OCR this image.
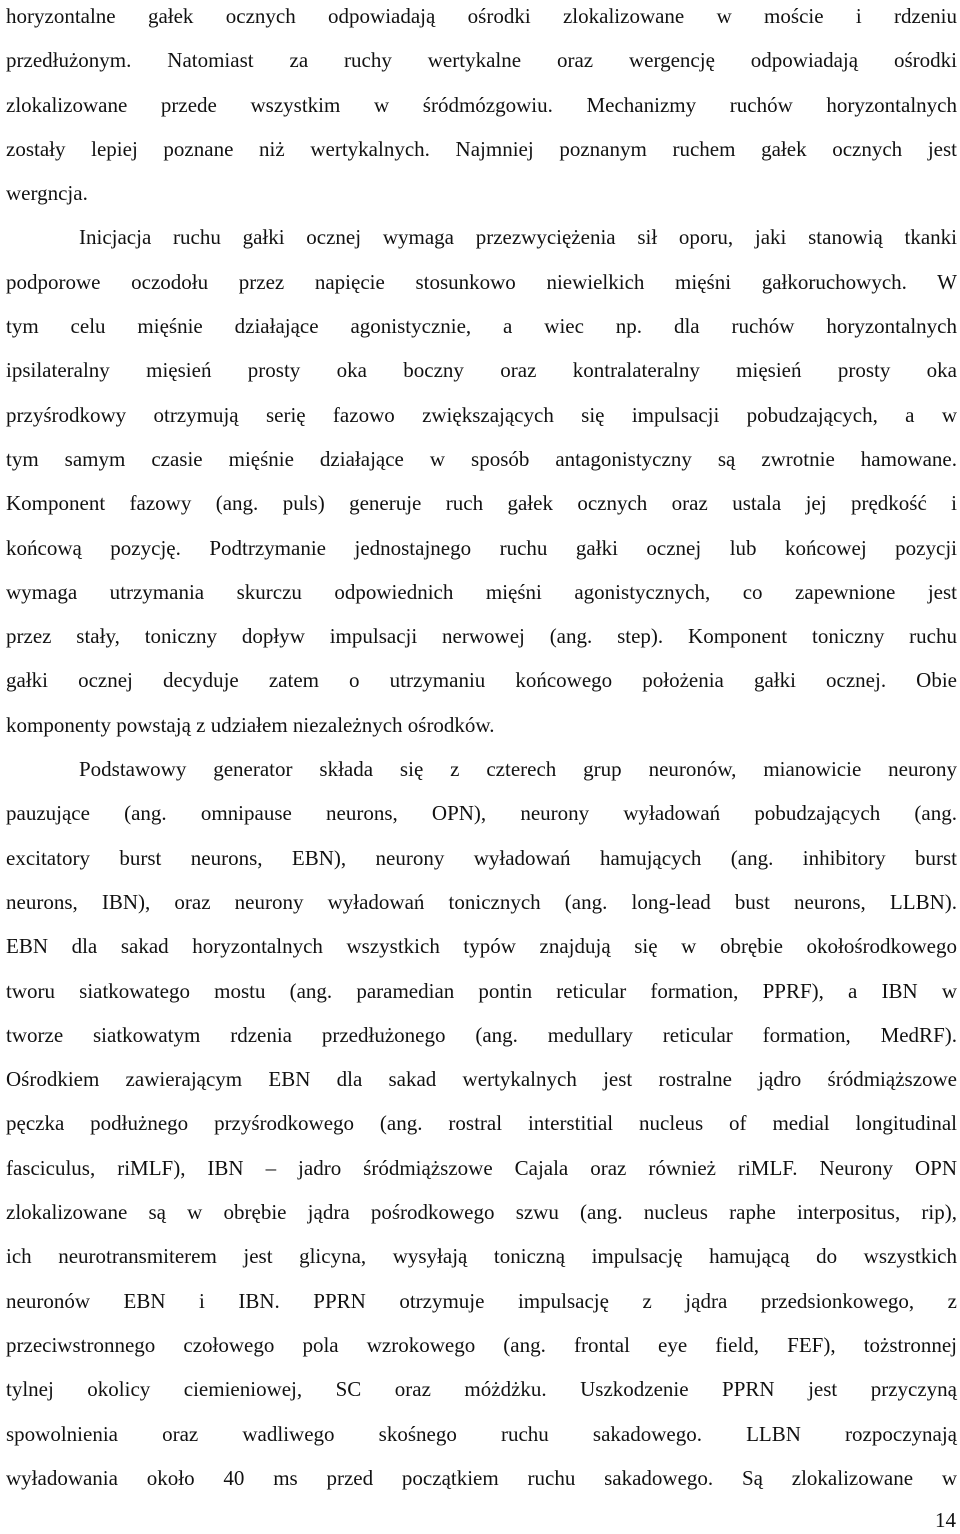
horyzontalne gałek ocznych odpowiadają ośrodki zlokalizowane w moście i rdzeniu
przedłużonym. Natomiast za ruchy wertykalne oraz wergencję odpowiadają ośrodki
zlokalizowane przede wszystkim w śródmózgowiu. Mechanizmy ruchów horyzontalnych
zostały lepiej poznane niż wertykalnych. Najmniej poznanym ruchem gałek ocznych jest
wergncja.

Inicjacja ruchu gałki ocznej wymaga przezwyciężenia sił oporu, jaki stanowią tkanki
podporowe oczodołu przez napięcie stosunkowo niewielkich mięśni gałkoruchowych. W
tym celu mięśnie działające agonistycznie, a wiec np. dla ruchów horyzontalnych
ipsilateralny mięsień prosty oka boczny oraz kontralateralny mięsień prosty oka
przyśrodkowy otrzymują serię fazowo zwiększających się impulsacji pobudzających, a w
tym samym czasie mięśnie działające w sposób antagonistyczny są zwrotnie hamowane.
Komponent fazowy (ang. puls) generuje ruch gałek ocznych oraz ustala jej prędkość i
końcową pozycję. Podtrzymanie jednostajnego ruchu gałki ocznej lub końcowej pozycji
wymaga utrzymania skurczu odpowiednich mięśni agonistycznych, co zapewnione jest
przez stały, toniczny dopływ impulsacji nerwowej (ang. step). Komponent toniczny ruchu
gałki ocznej decyduje zatem o utrzymaniu końcowego położenia gałki ocznej. Obie
komponenty powstają z udziałem niezależnych ośrodków.

Podstawowy generator składa się z czterech grup neuronów, mianowicie neurony
pauzujące (ang. omnipause neurons, OPN), neurony wyładowań pobudzających (ang.
excitatory burst neurons, EBN), neurony wyładowań hamujących (ang. inhibitory burst
neurons, IBN), oraz neurony wyładowań tonicznych (ang. long-lead bust neurons, LLBN).
EBN dla sakad horyzontalnych wszystkich typów znajdują się w obrębie okołośrodkowego
tworu siatkowatego mostu (ang. paramedian pontin reticular formation, PPRF), a IBN w
tworze siatkowatym rdzenia przedłużonego (ang. medullary reticular formation, MedRF).
Ośrodkiem zawierającym EBN dla sakad wertykalnych jest rostralne jądro śródmiąższowe
pęczka podłużnego przyśrodkowego (ang. rostral interstitial nucleus of medial longitudinal
fasciculus, riMLF), IBN – jadro śródmiąższowe Cajala oraz również riMLF. Neurony OPN
zlokalizowane są w obrębie jądra pośrodkowego szwu (ang. nucleus raphe interpositus, rip),
ich neurotransmiterem jest glicyna, wysyłają toniczną impulsację hamującą do wszystkich
neuronów EBN i IBN. PPRN otrzymuje impulsację z jądra przedsionkowego, z
przeciwstronnego czołowego pola wzrokowego (ang. frontal eye field, FEF), tożstronnej
tylnej okolicy ciemieniowej, SC oraz móżdżku. Uszkodzenie PPRN jest przyczyną
spowolnienia oraz wadliwego skośnego ruchu sakadowego. LLBN rozpoczynają
wyładowania około 40 ms przed początkiem ruchu sakadowego. Są zlokalizowane w

14
